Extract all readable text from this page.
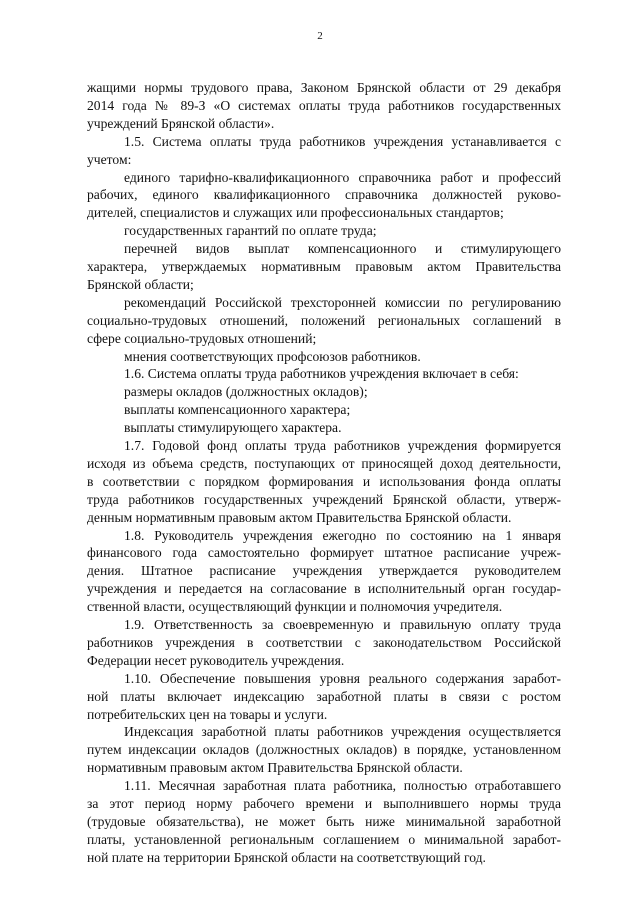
2
жащими нормы трудового права, Законом Брянской области от 29 декабря
2014 года № 89-З «О системах оплаты труда работников государственных
учреждений Брянской области».
1.5. Система оплаты труда работников учреждения устанавливается с
учетом:
единого тарифно-квалификационного справочника работ и профессий
рабочих, единого квалификационного справочника должностей руково-
дителей, специалистов и служащих или профессиональных стандартов;
государственных гарантий по оплате труда;
перечней видов выплат компенсационного и стимулирующего
характера, утверждаемых нормативным правовым актом Правительства
Брянской области;
рекомендаций Российской трехсторонней комиссии по регулированию
социально-трудовых отношений, положений региональных соглашений в
сфере социально-трудовых отношений;
мнения соответствующих профсоюзов работников.
1.6. Система оплаты труда работников учреждения включает в себя:
размеры окладов (должностных окладов);
выплаты компенсационного характера;
выплаты стимулирующего характера.
1.7. Годовой фонд оплаты труда работников учреждения формируется
исходя из объема средств, поступающих от приносящей доход деятельности,
в соответствии с порядком формирования и использования фонда оплаты
труда работников государственных учреждений Брянской области, утверж-
денным нормативным правовым актом Правительства Брянской области.
1.8. Руководитель учреждения ежегодно по состоянию на 1 января
финансового года самостоятельно формирует штатное расписание учреж-
дения. Штатное расписание учреждения утверждается руководителем
учреждения и передается на согласование в исполнительный орган государ-
ственной власти, осуществляющий функции и полномочия учредителя.
1.9. Ответственность за своевременную и правильную оплату труда
работников учреждения в соответствии с законодательством Российской
Федерации несет руководитель учреждения.
1.10. Обеспечение повышения уровня реального содержания заработ-
ной платы включает индексацию заработной платы в связи с ростом
потребительских цен на товары и услуги.
Индексация заработной платы работников учреждения осуществляется
путем индексации окладов (должностных окладов) в порядке, установленном
нормативным правовым актом Правительства Брянской области.
1.11. Месячная заработная плата работника, полностью отработавшего
за этот период норму рабочего времени и выполнившего нормы труда
(трудовые обязательства), не может быть ниже минимальной заработной
платы, установленной региональным соглашением о минимальной заработ-
ной плате на территории Брянской области на соответствующий год.
